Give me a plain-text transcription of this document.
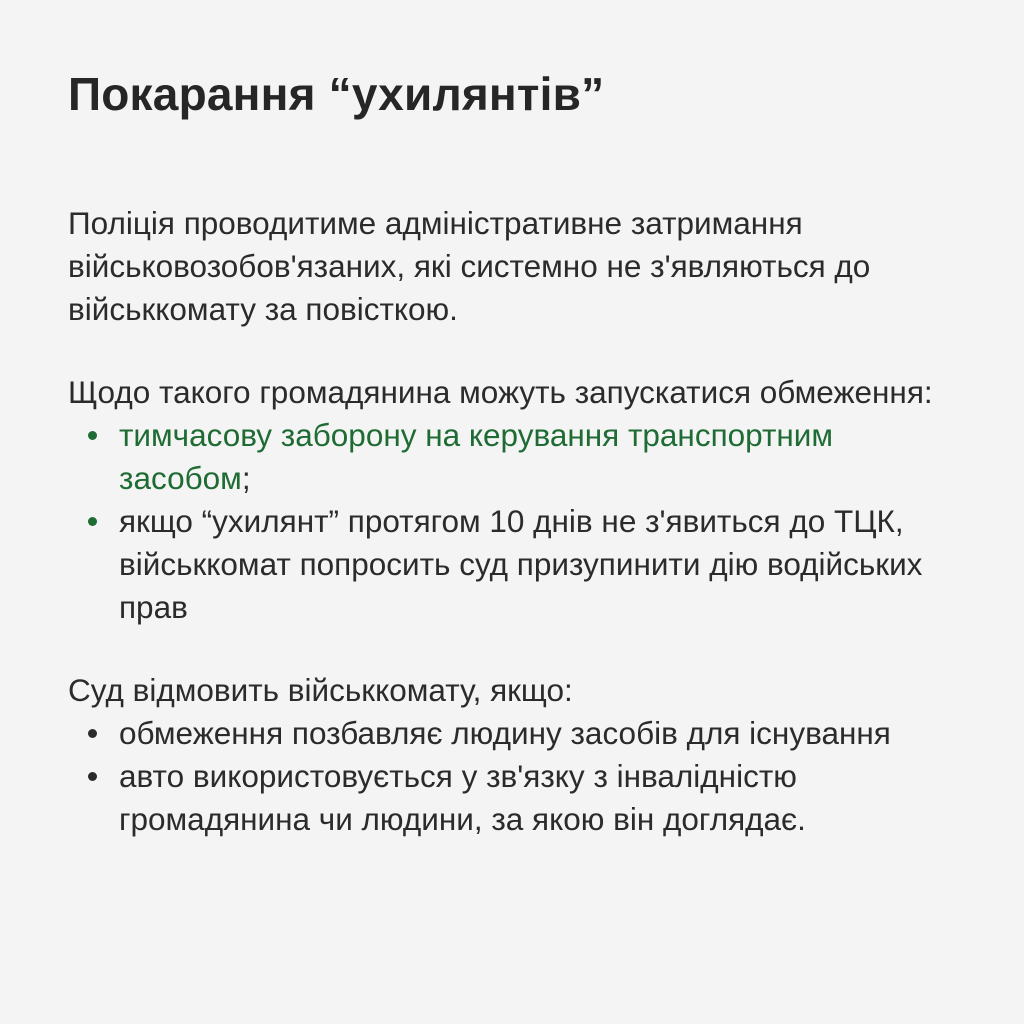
Покарання “ухилянтів”

Поліція проводитиме адміністративне затримання військовозобов'язаних, які системно не з'являються до військкомату за повісткою.

Щодо такого громадянина можуть запускатися обмеження:

тимчасову заборону на керування транспортним засобом;
якщо “ухилянт” протягом 10 днів не з'явиться до ТЦК, військкомат попросить суд призупинити дію водійських прав

Суд відмовить військкомату, якщо:

обмеження позбавляє людину засобів для існування
авто використовується у зв'язку з інвалідністю громадянина чи людини, за якою він доглядає.
